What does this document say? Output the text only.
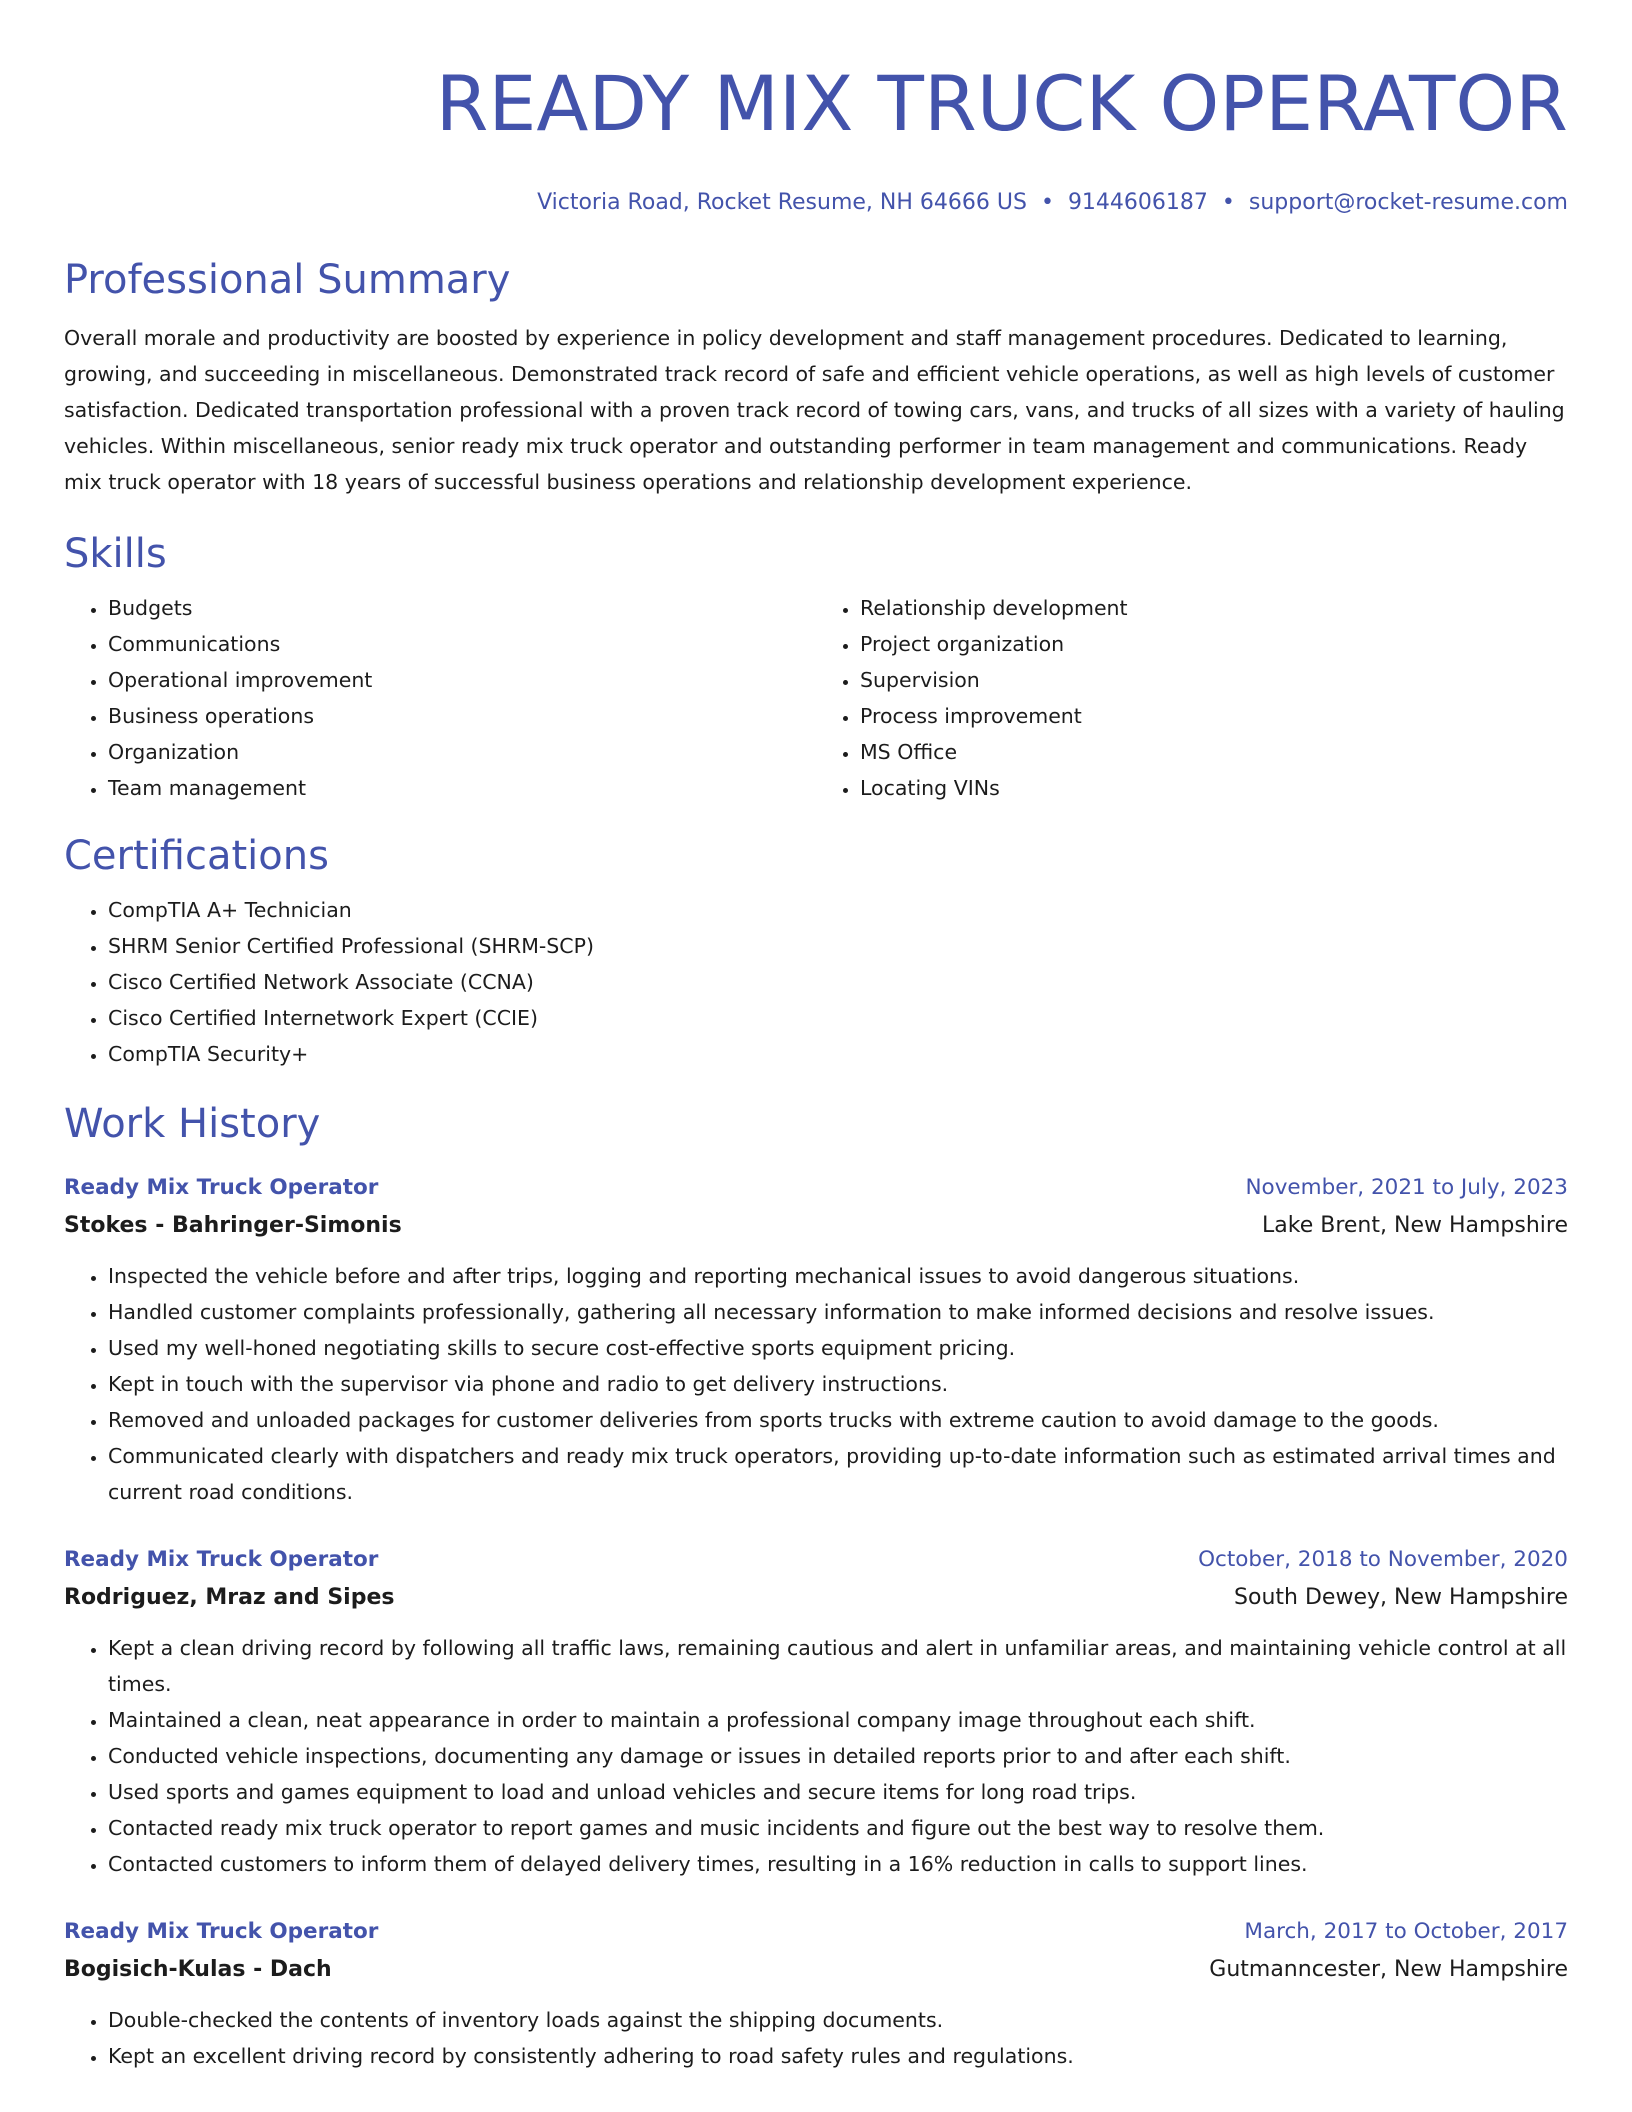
READY MIX TRUCK OPERATOR
Victoria Road, Rocket Resume, NH 64666 US • 9144606187 • support@rocket-resume.com
Professional Summary
Overall morale and productivity are boosted by experience in policy development and staff management procedures. Dedicated to learning, growing, and succeeding in miscellaneous. Demonstrated track record of safe and efficient vehicle operations, as well as high levels of customer satisfaction. Dedicated transportation professional with a proven track record of towing cars, vans, and trucks of all sizes with a variety of hauling vehicles. Within miscellaneous, senior ready mix truck operator and outstanding performer in team management and communications. Ready mix truck operator with 18 years of successful business operations and relationship development experience.
Skills
• Budgets
• Communications
• Operational improvement
• Business operations
• Organization
• Team management
• Relationship development
• Project organization
• Supervision
• Process improvement
• MS Office
• Locating VINs
Certifications
• CompTIA A+ Technician
• SHRM Senior Certified Professional (SHRM-SCP)
• Cisco Certified Network Associate (CCNA)
• Cisco Certified Internetwork Expert (CCIE)
• CompTIA Security+
Work History
Ready Mix Truck Operator	November, 2021 to July, 2023
Stokes - Bahringer-Simonis	Lake Brent, New Hampshire
• Inspected the vehicle before and after trips, logging and reporting mechanical issues to avoid dangerous situations.
• Handled customer complaints professionally, gathering all necessary information to make informed decisions and resolve issues.
• Used my well-honed negotiating skills to secure cost-effective sports equipment pricing.
• Kept in touch with the supervisor via phone and radio to get delivery instructions.
• Removed and unloaded packages for customer deliveries from sports trucks with extreme caution to avoid damage to the goods.
• Communicated clearly with dispatchers and ready mix truck operators, providing up-to-date information such as estimated arrival times and current road conditions.
Ready Mix Truck Operator	October, 2018 to November, 2020
Rodriguez, Mraz and Sipes	South Dewey, New Hampshire
• Kept a clean driving record by following all traffic laws, remaining cautious and alert in unfamiliar areas, and maintaining vehicle control at all times.
• Maintained a clean, neat appearance in order to maintain a professional company image throughout each shift.
• Conducted vehicle inspections, documenting any damage or issues in detailed reports prior to and after each shift.
• Used sports and games equipment to load and unload vehicles and secure items for long road trips.
• Contacted ready mix truck operator to report games and music incidents and figure out the best way to resolve them.
• Contacted customers to inform them of delayed delivery times, resulting in a 16% reduction in calls to support lines.
Ready Mix Truck Operator	March, 2017 to October, 2017
Bogisich-Kulas - Dach	Gutmanncester, New Hampshire
• Double-checked the contents of inventory loads against the shipping documents.
• Kept an excellent driving record by consistently adhering to road safety rules and regulations.
